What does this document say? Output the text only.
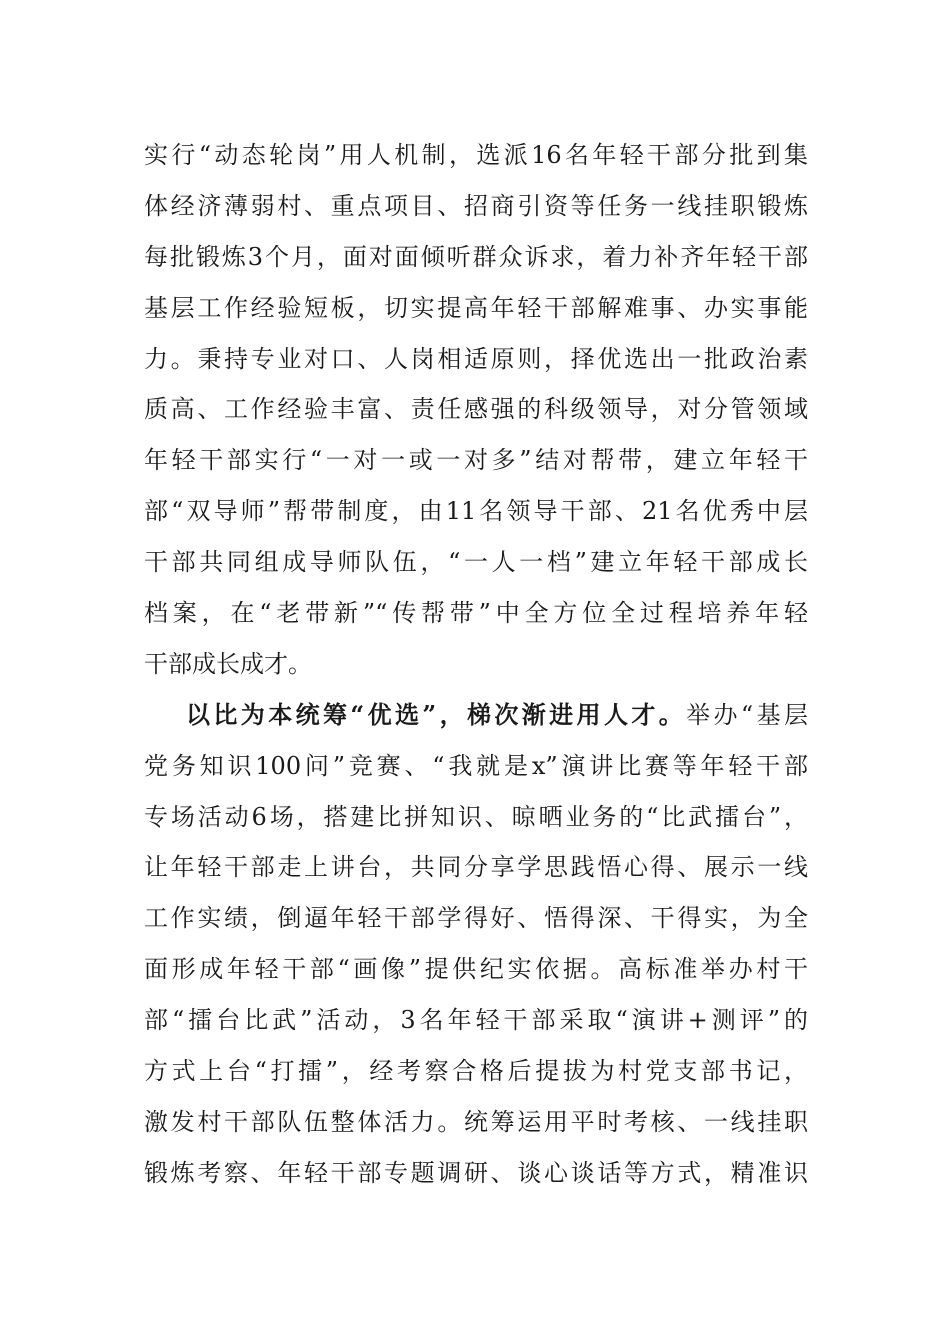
实行“动态轮岗”用人机制，选派16名年轻干部分批到集
体经济薄弱村、重点项目、招商引资等任务一线挂职锻炼
每批锻炼3个月，面对面倾听群众诉求，着力补齐年轻干部
基层工作经验短板，切实提高年轻干部解难事、办实事能
力。秉持专业对口、人岗相适原则，择优选出一批政治素
质高、工作经验丰富、责任感强的科级领导，对分管领域
年轻干部实行“一对一或一对多”结对帮带，建立年轻干
部“双导师”帮带制度，由11名领导干部、21名优秀中层
干部共同组成导师队伍，“一人一档”建立年轻干部成长
档案，在“老带新”“传帮带”中全方位全过程培养年轻
干部成长成才。
以比为本统筹“优选”，梯次渐进用人才。举办“基层
党务知识100问”竞赛、“我就是x”演讲比赛等年轻干部
专场活动6场，搭建比拼知识、晾晒业务的“比武擂台”，
让年轻干部走上讲台，共同分享学思践悟心得、展示一线
工作实绩，倒逼年轻干部学得好、悟得深、干得实，为全
面形成年轻干部“画像”提供纪实依据。高标准举办村干
部“擂台比武”活动，3名年轻干部采取“演讲+测评”的
方式上台“打擂”，经考察合格后提拔为村党支部书记，
激发村干部队伍整体活力。统筹运用平时考核、一线挂职
锻炼考察、年轻干部专题调研、谈心谈话等方式，精准识
